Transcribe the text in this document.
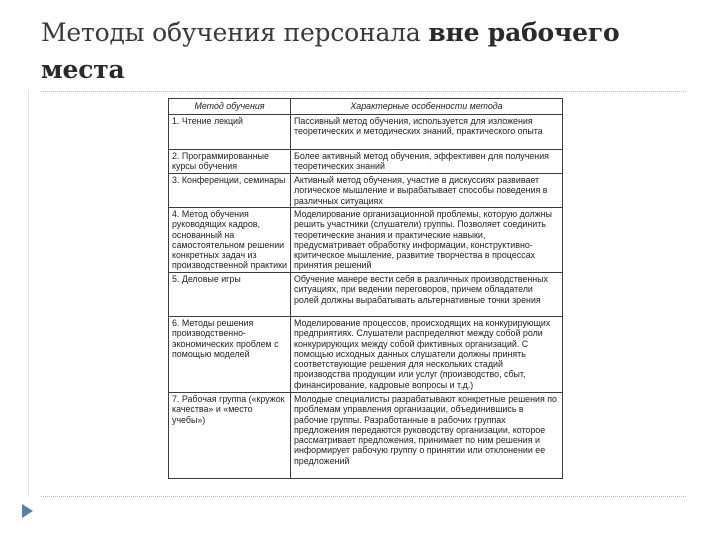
Методы обучения персонала вне рабочего
места
Метод обучения	Характерные особенности метода
1. Чтение лекций	Пассивный метод обучения, используется для изложения теоретических и методических знаний, практического опыта
2. Программированные курсы обучения	Более активный метод обучения, эффективен для получения теоретических знаний
3. Конференции, семинары	Активный метод обучения, участие в дискуссиях развивает логическое мышление и вырабатывает способы поведения в различных ситуациях
4. Метод обучения руководящих кадров, основанный на самостоятельном решении конкретных задач из производственной практики	Моделирование организационной проблемы, которую должны решить участники (слушатели) группы. Позволяет соединить теоретические знания и практические навыки, предусматривает обработку информации, конструктивно-критическое мышление, развитие творчества в процессах принятия решений
5. Деловые игры	Обучение манере вести себя в различных производственных ситуациях, при ведении переговоров, причем обладатели ролей должны вырабатывать альтернативные точки зрения
6. Методы решения производственно-экономических проблем с помощью моделей	Моделирование процессов, происходящих на конкурирующих предприятиях. Слушатели распределяют между собой роли конкурирующих между собой фиктивных организаций. С помощью исходных данных слушатели должны принять соответствующие решения для нескольких стадий производства продукции или услуг (производство, сбыт, финансирование, кадровые вопросы и т.д.)
7. Рабочая группа («кружок качества» и «место учебы»)	Молодые специалисты разрабатывают конкретные решения по проблемам управления организации, объединившись в рабочие группы. Разработанные в рабочих группах предложения передаются руководству организации, которое рассматривает предложения, принимает по ним решения и информирует рабочую группу о принятии или отклонении ее предложений
